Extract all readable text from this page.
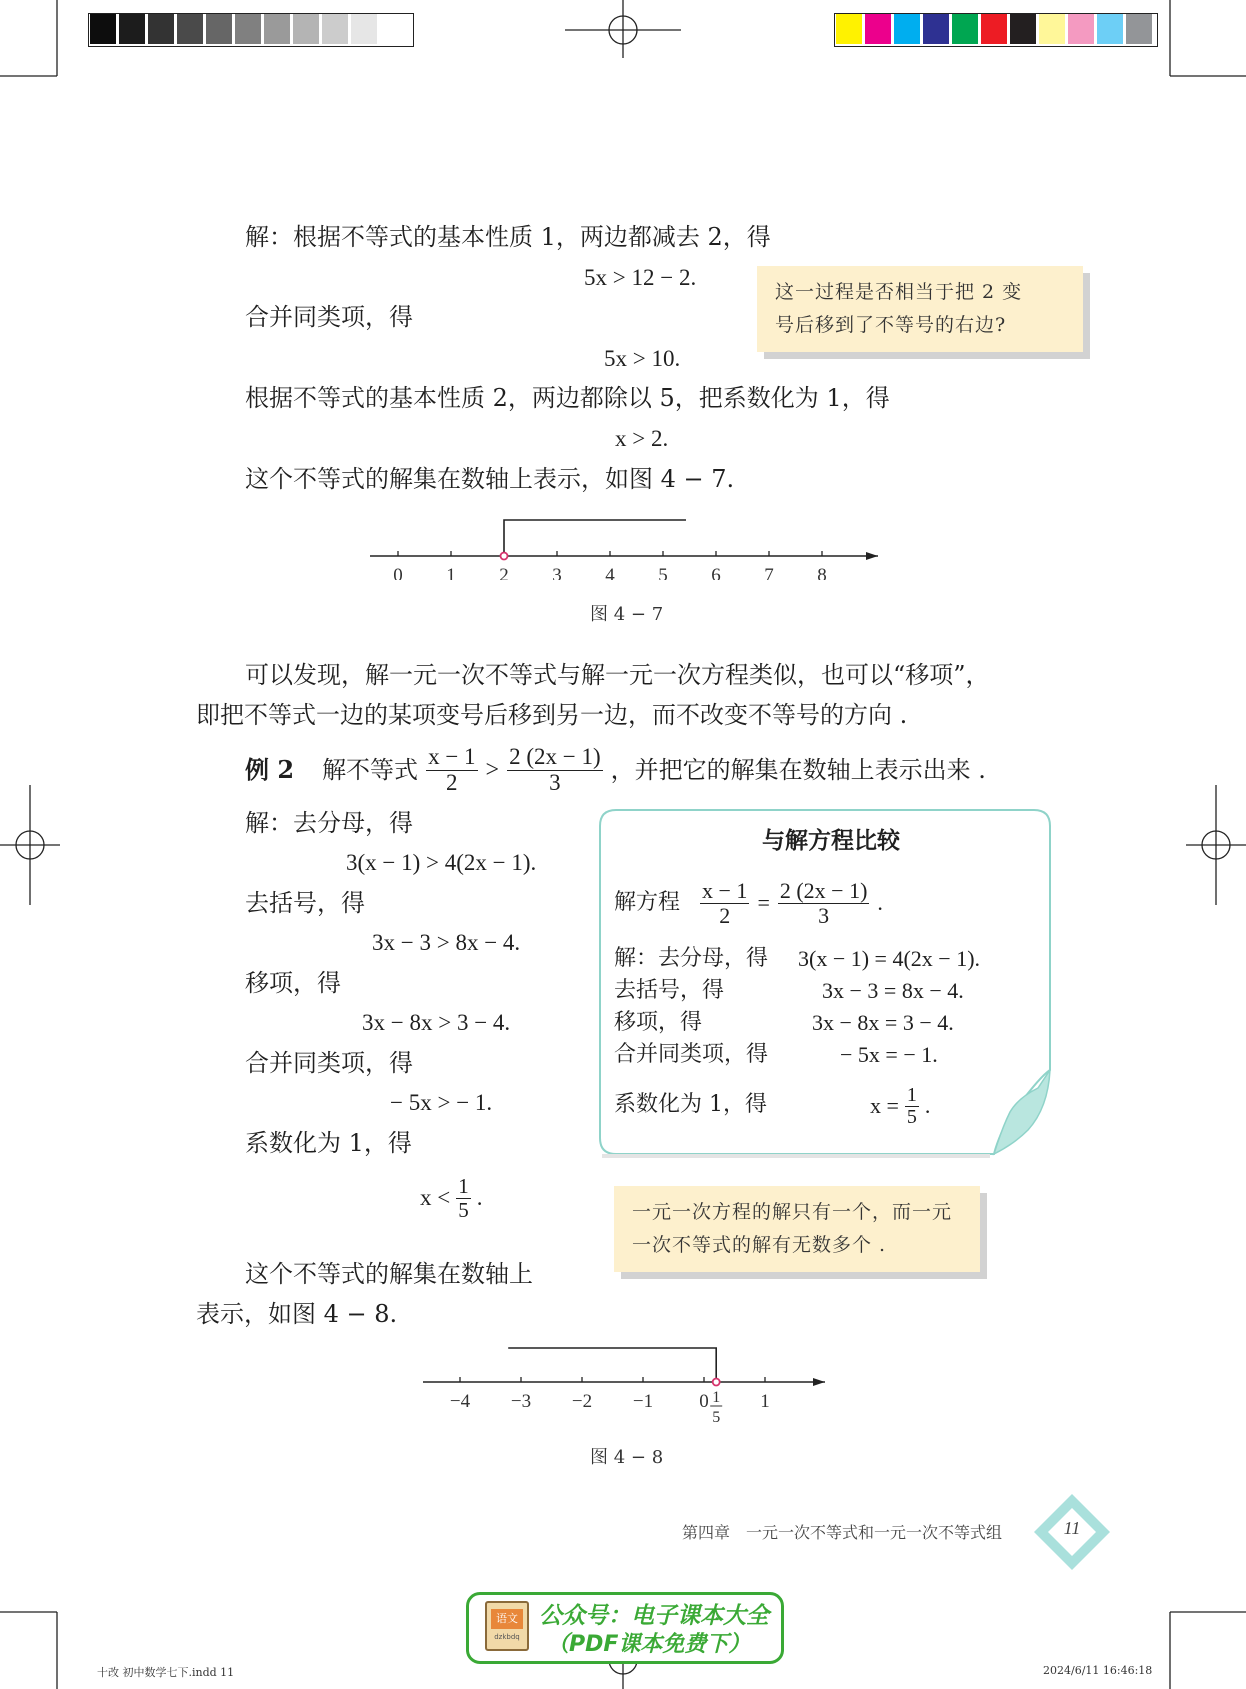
解：根据不等式的基本性质 1，两边都减去 2，得
5x > 12 − 2.
合并同类项，得
5x > 10.
根据不等式的基本性质 2，两边都除以 5，把系数化为 1，得
x > 2.
这个不等式的解集在数轴上表示，如图 4 − 7.
这一过程是否相当于把 2 变
号后移到了不等号的右边?
0 1 2 3 4 5 6 7 8
图 4 − 7
可以发现，解一元一次不等式与解一元一次方程类似，也可以“移项”，
即把不等式一边的某项变号后移到另一边，而不改变不等号的方向 .
例 2 解不等式 $\frac{x - 1}{2} > \frac{2 (2x - 1)}{3}$ ，并把它的解集在数轴上表示出来 .
解：去分母，得
3(x − 1) > 4(2x − 1).
去括号，得
3x − 3 > 8x − 4.
移项，得
3x − 8x > 3 − 4.
合并同类项，得
− 5x > − 1.
系数化为 1，得
$x < \frac{1}{5}$ .
这个不等式的解集在数轴上
表示，如图 4 − 8.
与解方程比较
解方程 $\frac{x - 1}{2} = \frac{2 (2x - 1)}{3}$ .
解：去分母，得 3(x − 1) = 4(2x − 1).
去括号，得	3x − 3 = 8x − 4.
移项，得	3x − 8x = 3 − 4.
合并同类项，得	− 5x = − 1.
系数化为 1，得	$x = \frac{1}{5}$ .
一元一次方程的解只有一个，而一元
一次不等式的解有无数多个 .
−4 −3 −2 −1 0	1
1
5
图 4 − 8
第四章　一元一次不等式和一元一次不等式组	11
语文
dzkbdq
公众号：电子课本大全
（PDF课本免费下）
十改 初中数学七下.indd 11	2024/6/11 16:46:18
